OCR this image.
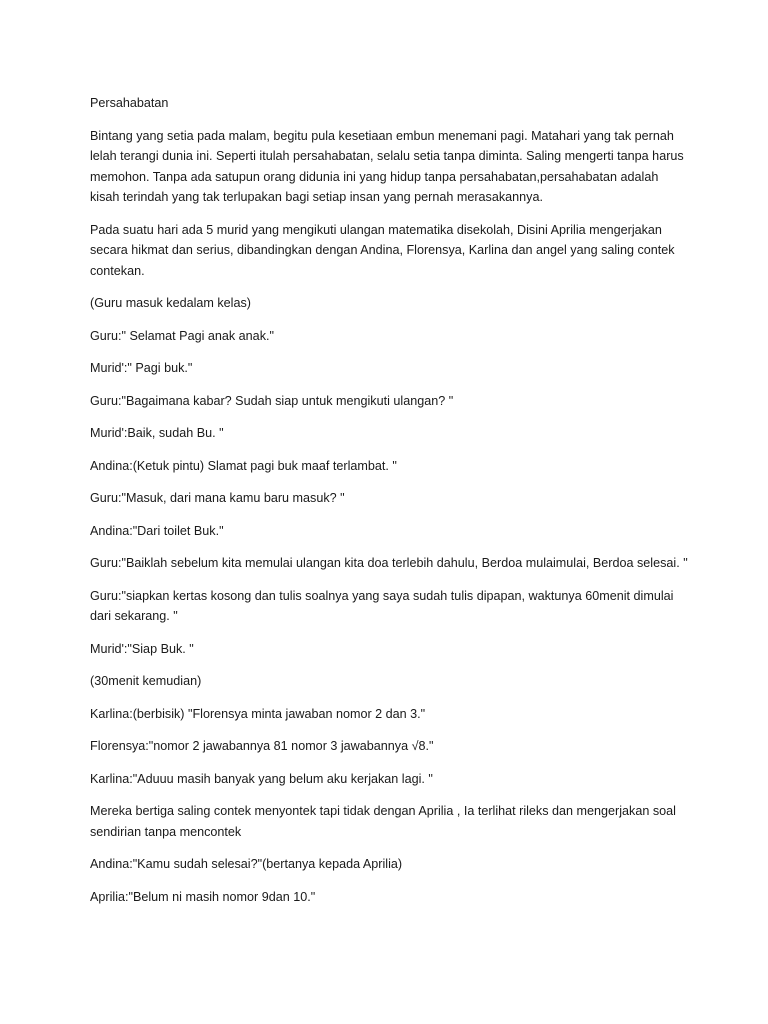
Persahabatan

Bintang yang setia pada malam, begitu pula kesetiaan embun menemani pagi. Matahari yang tak pernah lelah terangi dunia ini. Seperti itulah persahabatan, selalu setia tanpa diminta. Saling mengerti tanpa harus memohon. Tanpa ada satupun orang didunia ini yang hidup tanpa persahabatan,persahabatan adalah kisah terindah yang tak terlupakan bagi setiap insan yang pernah merasakannya.

Pada suatu hari ada 5 murid yang mengikuti ulangan matematika disekolah, Disini Aprilia mengerjakan secara hikmat dan serius, dibandingkan dengan Andina, Florensya, Karlina dan angel yang saling contek contekan.

(Guru masuk kedalam kelas)

Guru:" Selamat Pagi anak anak."

Murid':" Pagi buk."

Guru:"Bagaimana kabar? Sudah siap untuk mengikuti ulangan? "

Murid':Baik, sudah Bu. "

Andina:(Ketuk pintu) Slamat pagi buk maaf terlambat. "

Guru:"Masuk, dari mana kamu baru masuk? "

Andina:"Dari toilet Buk."

Guru:"Baiklah sebelum kita memulai ulangan kita doa terlebih dahulu, Berdoa mulaimulai, Berdoa selesai. "

Guru:"siapkan kertas kosong dan tulis soalnya yang saya sudah tulis dipapan, waktunya 60menit dimulai dari sekarang. "

Murid':"Siap Buk. "

(30menit kemudian)

Karlina:(berbisik) "Florensya minta jawaban nomor 2 dan 3."

Florensya:"nomor 2 jawabannya 81 nomor 3 jawabannya √8."

Karlina:"Aduuu masih banyak yang belum aku kerjakan lagi. "

Mereka bertiga saling contek menyontek tapi tidak dengan Aprilia , Ia terlihat rileks dan mengerjakan soal sendirian tanpa mencontek

Andina:"Kamu sudah selesai?"(bertanya kepada Aprilia)

Aprilia:"Belum ni masih nomor 9dan 10."
